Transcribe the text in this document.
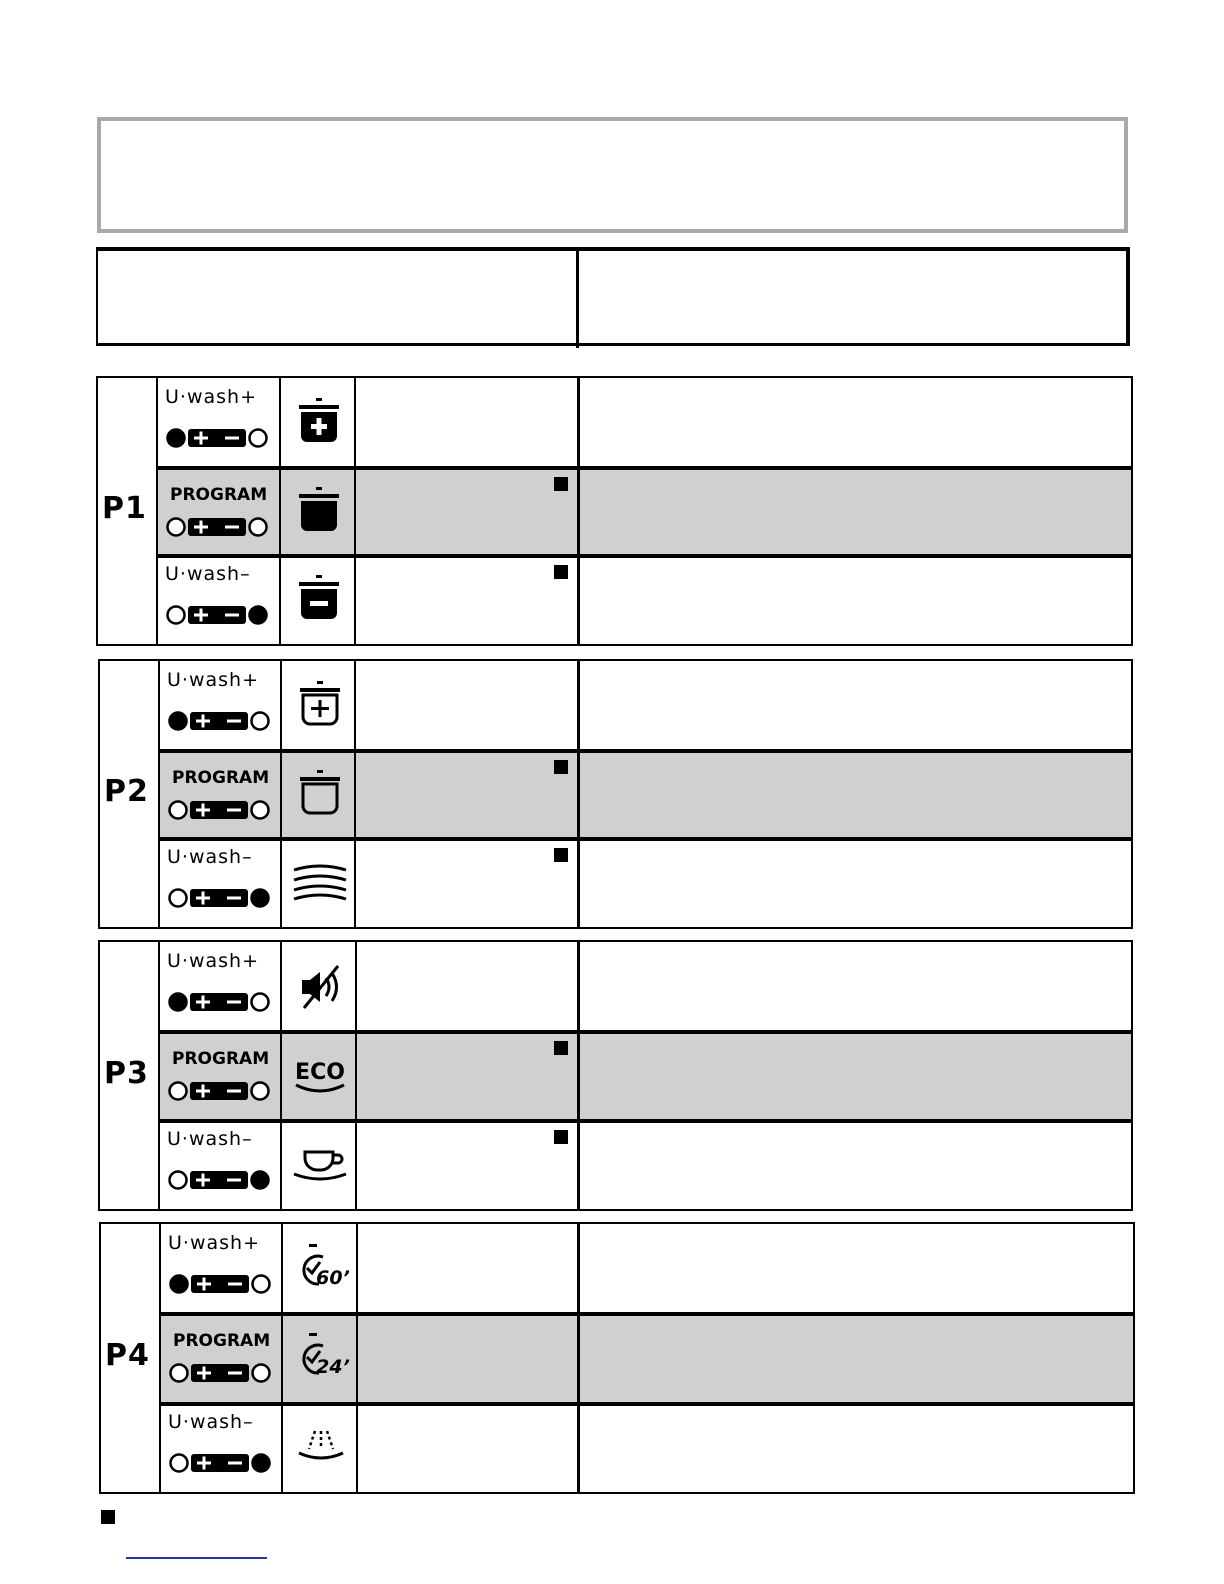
U·wash+
PROGRAM
U·wash–
P1
U·wash+
PROGRAM
U·wash–
P2
U·wash+
PROGRAM
ECO
U·wash–
P3
U·wash+
60’
PROGRAM
24’
U·wash–
P4
